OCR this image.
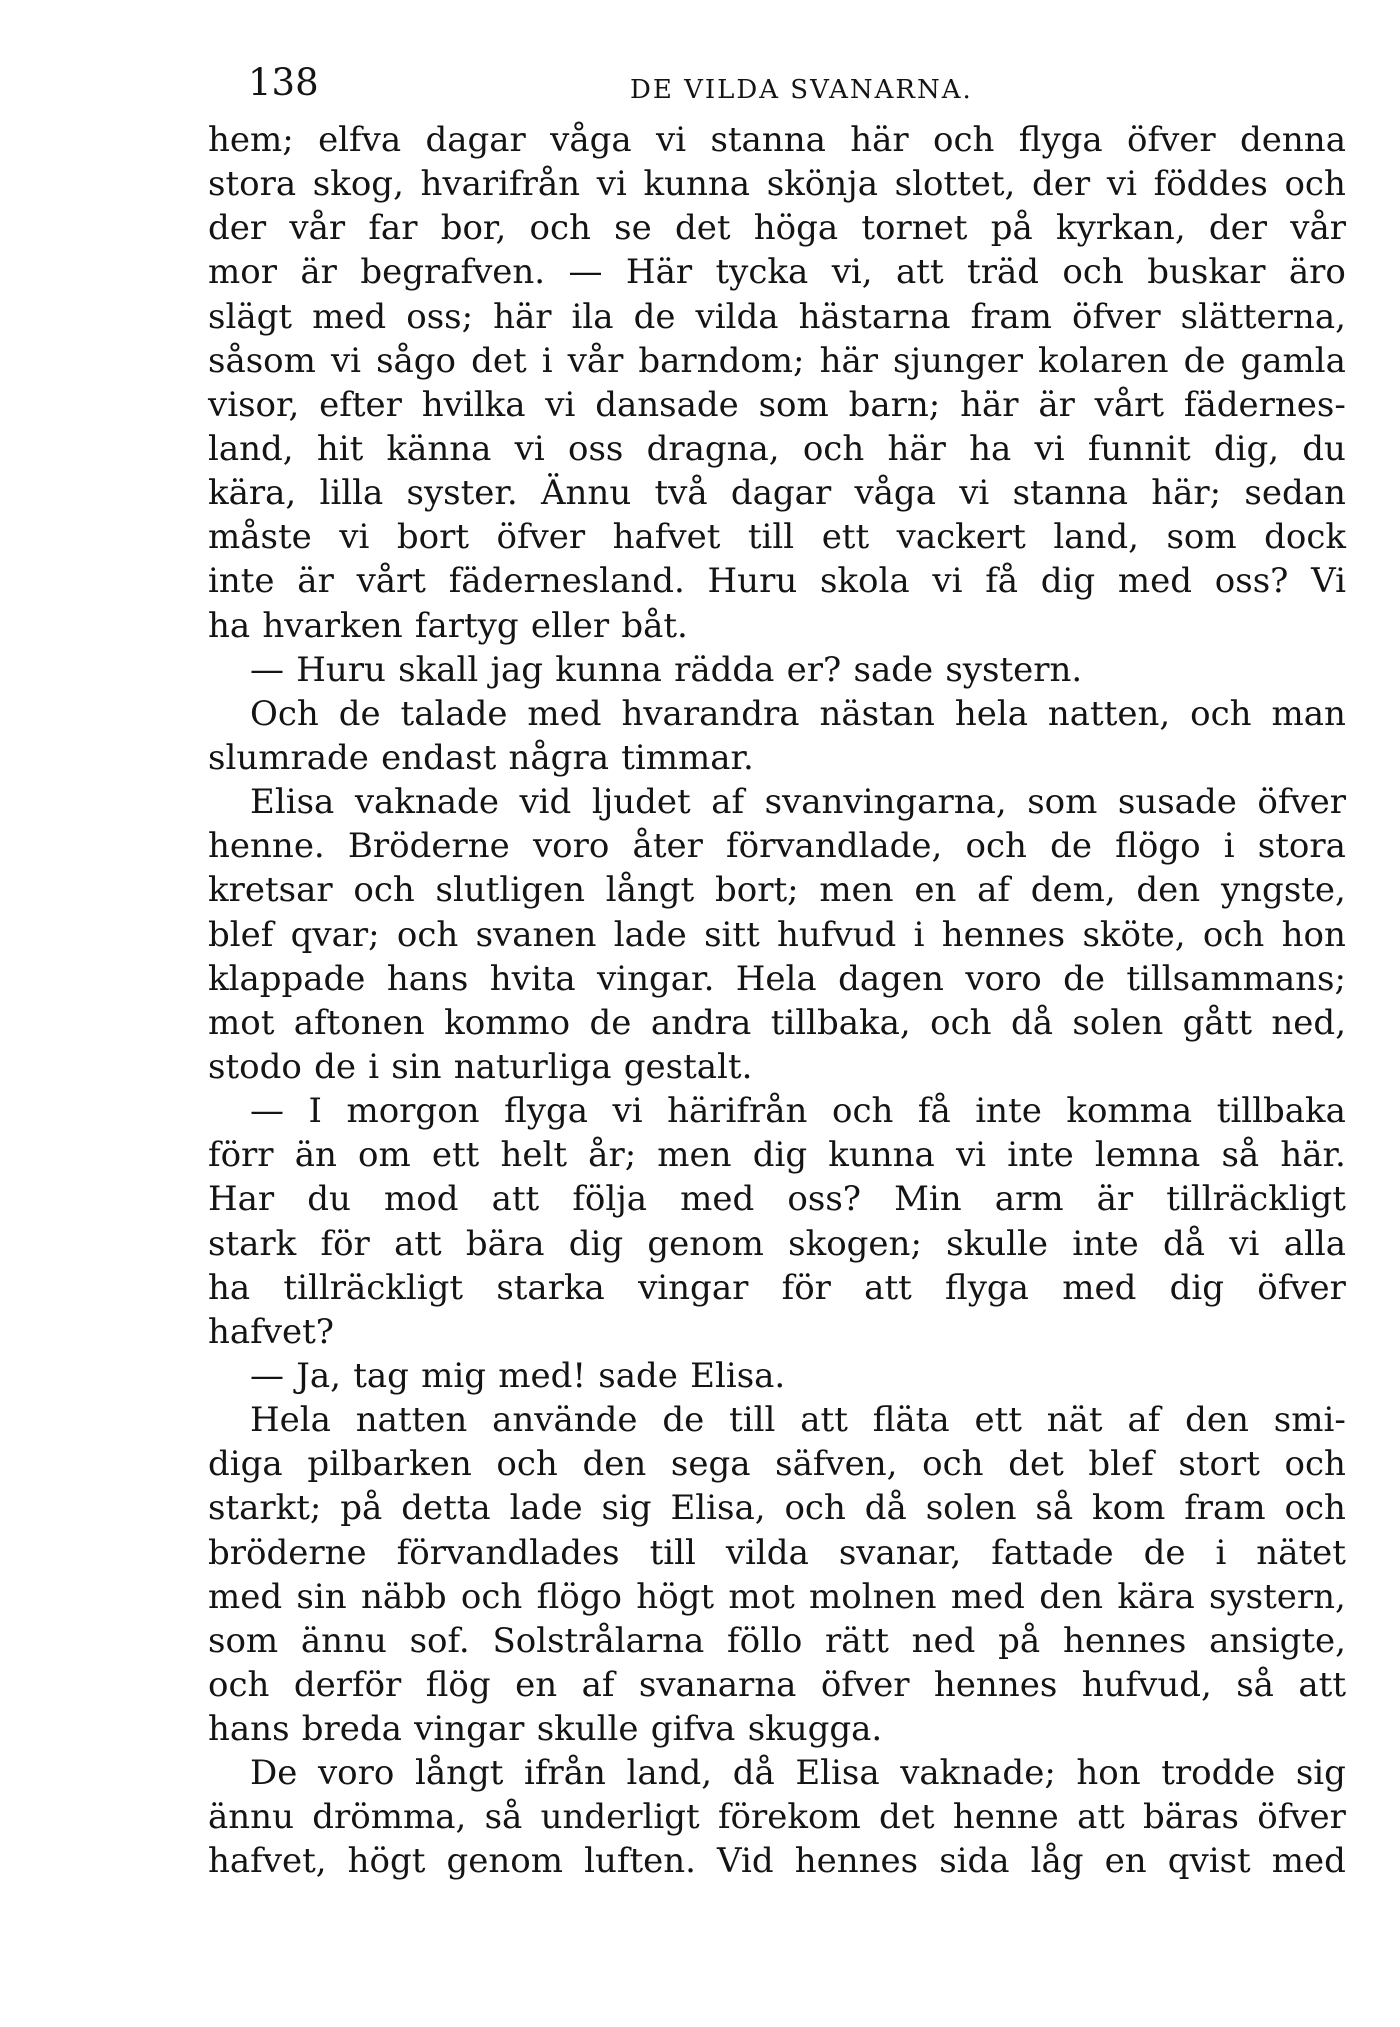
138	DE VILDA SVANARNA.
hem; elfva dagar våga vi stanna här och flyga öfver denna
stora skog, hvarifrån vi kunna skönja slottet, der vi föddes och
der vår far bor, och se det höga tornet på kyrkan, der vår
mor är begrafven. — Här tycka vi, att träd och buskar äro
slägt med oss; här ila de vilda hästarna fram öfver slätterna,
såsom vi sågo det i vår barndom; här sjunger kolaren de gamla
visor, efter hvilka vi dansade som barn; här är vårt fädernes-
land, hit känna vi oss dragna, och här ha vi funnit dig, du
kära, lilla syster. Ännu två dagar våga vi stanna här; sedan
måste vi bort öfver hafvet till ett vackert land, som dock
inte är vårt fädernesland. Huru skola vi få dig med oss? Vi
ha hvarken fartyg eller båt.
— Huru skall jag kunna rädda er? sade systern.
Och de talade med hvarandra nästan hela natten, och man
slumrade endast några timmar.
Elisa vaknade vid ljudet af svanvingarna, som susade öfver
henne. Bröderne voro åter förvandlade, och de flögo i stora
kretsar och slutligen långt bort; men en af dem, den yngste,
blef qvar; och svanen lade sitt hufvud i hennes sköte, och hon
klappade hans hvita vingar. Hela dagen voro de tillsammans;
mot aftonen kommo de andra tillbaka, och då solen gått ned,
stodo de i sin naturliga gestalt.
— I morgon flyga vi härifrån och få inte komma tillbaka
förr än om ett helt år; men dig kunna vi inte lemna så här.
Har du mod att följa med oss? Min arm är tillräckligt
stark för att bära dig genom skogen; skulle inte då vi alla
ha tillräckligt starka vingar för att flyga med dig öfver
hafvet?
— Ja, tag mig med! sade Elisa.
Hela natten använde de till att fläta ett nät af den smi-
diga pilbarken och den sega säfven, och det blef stort och
starkt; på detta lade sig Elisa, och då solen så kom fram och
bröderne förvandlades till vilda svanar, fattade de i nätet
med sin näbb och flögo högt mot molnen med den kära systern,
som ännu sof. Solstrålarna föllo rätt ned på hennes ansigte,
och derför flög en af svanarna öfver hennes hufvud, så att
hans breda vingar skulle gifva skugga.
De voro långt ifrån land, då Elisa vaknade; hon trodde sig
ännu drömma, så underligt förekom det henne att bäras öfver
hafvet, högt genom luften. Vid hennes sida låg en qvist med
